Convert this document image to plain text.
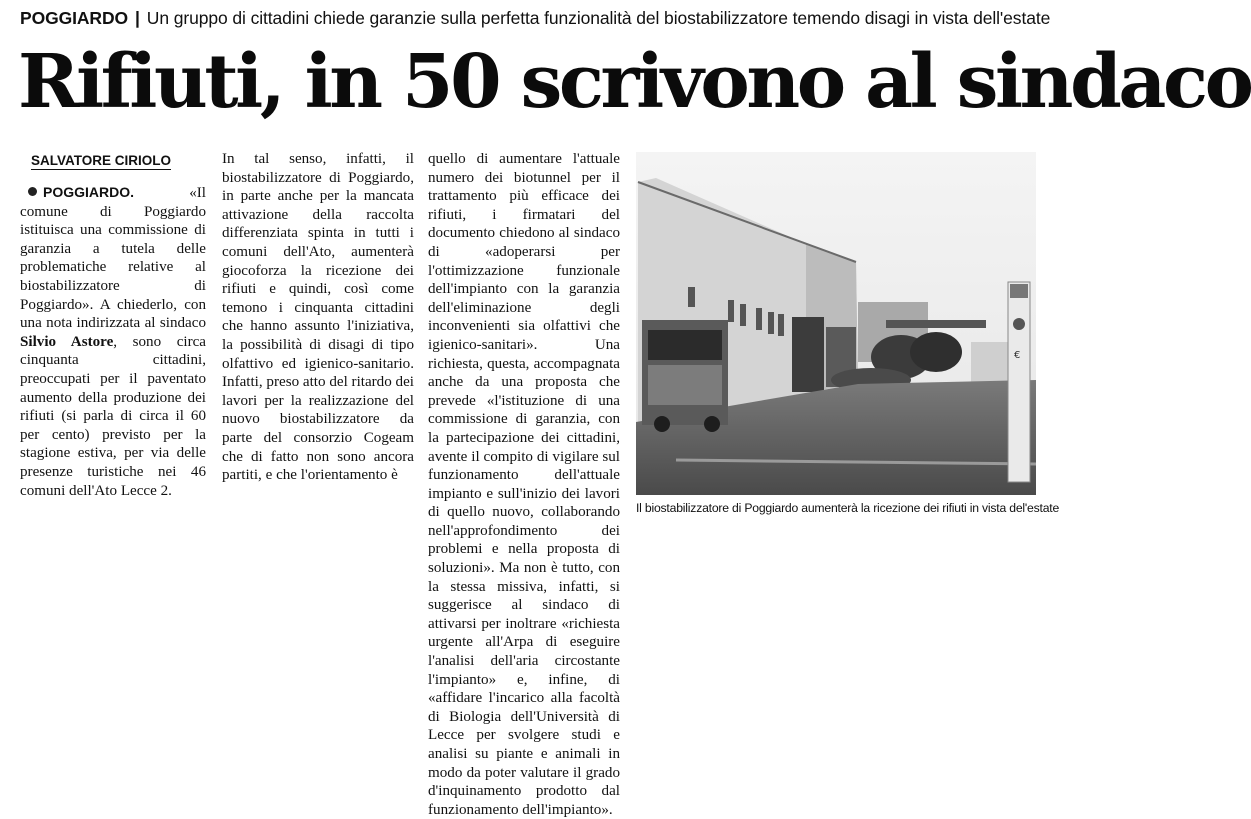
POGGIARDO | Un gruppo di cittadini chiede garanzie sulla perfetta funzionalità del biostabilizzatore temendo disagi in vista dell'estate
Rifiuti, in 50 scrivono al sindaco
SALVATORE CIRIOLO

POGGIARDO. «Il comune di Poggiardo istituisca una commissione di garanzia a tutela delle problematiche relative al biostabilizzatore di Poggiardo». A chiederlo, con una nota indirizzata al sindaco Silvio Astore, sono circa cinquanta cittadini, preoccupati per il paventato aumento della produzione dei rifiuti (si parla di circa il 60 per cento) previsto per la stagione estiva, per via delle presenze turistiche nei 46 comuni dell'Ato Lecce 2.

In tal senso, infatti, il biostabilizzatore di Poggiardo, in parte anche per la mancata attivazione della raccolta differenziata spinta in tutti i comuni dell'Ato, aumenterà giocoforza la ricezione dei rifiuti e quindi, così come temono i cinquanta cittadini che hanno assunto l'iniziativa, la possibilità di disagi di tipo olfattivo ed igienico-sanitario. Infatti, preso atto del ritardo dei lavori per la realizzazione del nuovo biostabilizzatore da parte del consorzio Cogeam che di fatto non sono ancora partiti, e che l'orientamento è

quello di aumentare l'attuale numero dei biotunnel per il trattamento più efficace dei rifiuti, i firmatari del documento chiedono al sindaco di «adoperarsi per l'ottimizzazione funzionale dell'impianto con la garanzia dell'eliminazione degli inconvenienti sia olfattivi che igienico-sanitari». Una richiesta, questa, accompagnata anche da una proposta che prevede «l'istituzione di una commissione di garanzia, con la partecipazione dei cittadini, avente il compito di vigilare sul funzionamento dell'attuale impianto e sull'inizio dei lavori di quello nuovo, collaborando nell'approfondimento dei problemi e nella proposta di soluzioni». Ma non è tutto, con la stessa missiva, infatti, si suggerisce al sindaco di attivarsi per inoltrare «richiesta urgente all'Arpa di eseguire l'analisi dell'aria circostante l'impianto» e, infine, di «affidare l'incarico alla facoltà di Biologia dell'Università di Lecce per svolgere studi e analisi su piante e animali in modo da poter valutare il grado d'inquinamento prodotto dal funzionamento dell'impianto».

€
Il biostabilizzatore di Poggiardo aumenterà la ricezione dei rifiuti in vista del'estate
